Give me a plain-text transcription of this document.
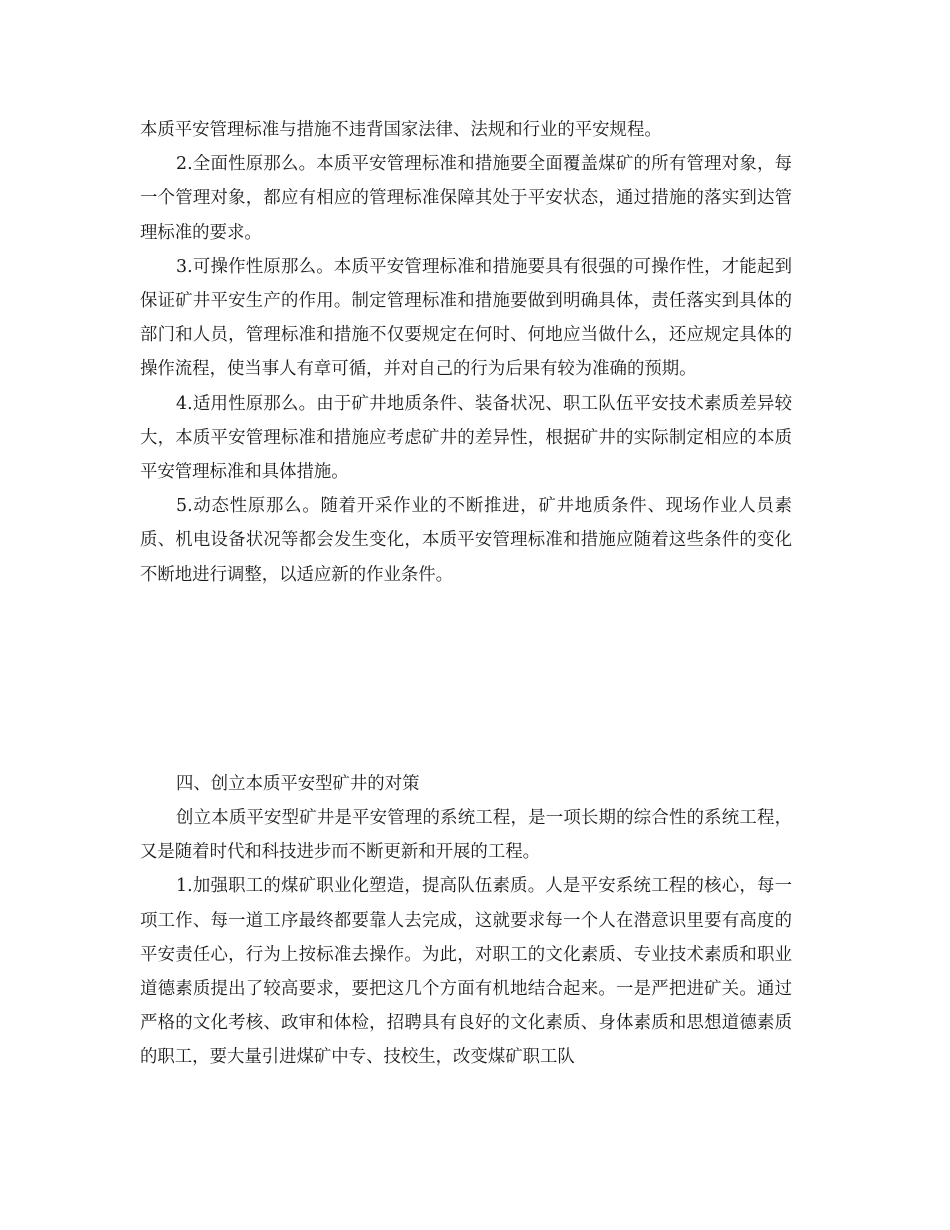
本质平安管理标准与措施不违背国家法律、法规和行业的平安规程。

2.全面性原那么。本质平安管理标准和措施要全面覆盖煤矿的所有管理对象，每一个管理对象，都应有相应的管理标准保障其处于平安状态，通过措施的落实到达管理标准的要求。

3.可操作性原那么。本质平安管理标准和措施要具有很强的可操作性，才能起到保证矿井平安生产的作用。制定管理标准和措施要做到明确具体，责任落实到具体的部门和人员，管理标准和措施不仅要规定在何时、何地应当做什么，还应规定具体的操作流程，使当事人有章可循，并对自己的行为后果有较为准确的预期。

4.适用性原那么。由于矿井地质条件、装备状况、职工队伍平安技术素质差异较大，本质平安管理标准和措施应考虑矿井的差异性，根据矿井的实际制定相应的本质平安管理标准和具体措施。

5.动态性原那么。随着开采作业的不断推进，矿井地质条件、现场作业人员素质、机电设备状况等都会发生变化，本质平安管理标准和措施应随着这些条件的变化不断地进行调整，以适应新的作业条件。

四、创立本质平安型矿井的对策

创立本质平安型矿井是平安管理的系统工程，是一项长期的综合性的系统工程，又是随着时代和科技进步而不断更新和开展的工程。

1.加强职工的煤矿职业化塑造，提高队伍素质。人是平安系统工程的核心，每一项工作、每一道工序最终都要靠人去完成，这就要求每一个人在潜意识里要有高度的平安责任心，行为上按标准去操作。为此，对职工的文化素质、专业技术素质和职业道德素质提出了较高要求，要把这几个方面有机地结合起来。一是严把进矿关。通过严格的文化考核、政审和体检，招聘具有良好的文化素质、身体素质和思想道德素质的职工，要大量引进煤矿中专、技校生，改变煤矿职工队
